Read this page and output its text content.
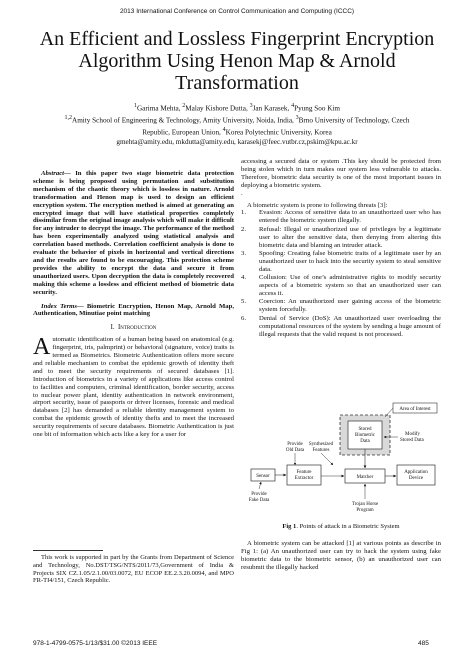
2013 International Conference on Control Communication and Computing (ICCC)
An Efficient and Lossless Fingerprint Encryption Algorithm Using Henon Map & Arnold Transformation
$^1$Garima Mehta, $^2$Malay Kishore Dutta, $^3$Jan Karasek, $^4$Pyung Soo Kim
$^{1,2}$Amity School of Engineering & Technology, Amity University, Noida, India, $^3$Brno University of Technology, Czech
Republic, European Union, $^4$Korea Polytechnic University, Korea
gmehta@amity.edu, mkdutta@amity.edu, karasekj@feec.vutbr.cz,pskim@kpu.ac.kr

Abstract— In this paper two stage biometric data protection scheme is being proposed using permutation and substitution mechanism of the chaotic theory which is lossless in nature. Arnold transformation and Henon map is used to design an efficient encryption system. The encryption method is aimed at generating an encrypted image that will have statistical properties completely dissimilar from the original image analysis which will make it difficult for any intruder to decrypt the image. The performance of the method has been experimentally analyzed using statistical analysis and correlation based methods. Correlation coefficient analysis is done to evaluate the behavior of pixels in horizontal and vertical directions and the results are found to be encouraging. This protection scheme provides the ability to encrypt the data and secure it from unauthorized users. Upon decryption the data is completely recovered making this scheme a lossless and efficient method of biometric data security.

Index Terms— Biometric Encryption, Henon Map, Arnold Map, Authentication, Minutiae point matching

I. Introduction

Automatic identification of a human being based on anatomical (e.g. fingerprint, iris, palmprint) or behavioral (signature, voice) traits is termed as Biometrics. Biometric Authentication offers more secure and reliable mechanism to combat the epidemic growth of identity theft and to meet the security requirements of secured databases [1]. Introduction of biometrics in a variety of applications like access control to facilities and computers, criminal identification, border security, access to nuclear power plant, identity authentication in network environment, airport security, issue of passports or driver licenses, forensic and medical databases [2] has demanded a reliable identity management system to combat the epidemic growth of identity thefts and to meet the increased security requirements of secure databases. Biometric Authentication is just one bit of information which acts like a key for a user for

This work is supported in part by the Grants from Department of Science and Technology, No.DST/TSG/NTS/2011/73,Government of India & Projects SIX CZ.1.05/2.1.00/03.0072, EU ECOP EE.2.3.20.0094, and MPO FR-TI4/151, Czech Republic.

accessing a secured data or system .This key should be protected from being stolen which in turn makes our system less vulnerable to attacks. Therefore, biometric data security is one of the most important issues in deploying a biometric system.

.

A biometric system is prone to following threats [3]:

1. Evasion: Access of sensitive data to an unauthorized user who has entered the biometric system illegally.

2. Refusal: Illegal or unauthorized use of privileges by a legitimate user to alter the sensitive data, then denying from altering this biometric data and blaming an intruder attack.

3. Spoofing: Creating false biometric traits of a legitimate user by an unauthorized user to hack into the security system to steal sensitive data.

4. Collusion: Use of one’s administrative rights to modify security aspects of a biometric system so that an unauthorized user can access it.

5. Coercion: An unauthorized user gaining access of the biometric system forcefully.

6. Denial of Service (DoS): An unauthorized user overloading the computational resources of the system by sending a huge amount of illegal requests that the valid request is not processed.

Area of Interest
Stored
Biometric
Data
Modify
Stored Data
Provide
Old Data
Synthesized
Features
Sensor
Feature
Extractor	Matcher
Application
Device
Provide
Fake Data
Trojan Horse
Program
Fig 1. Points of attack in a Biometric System
A biometric system can be attacked [1] at various points as describe in Fig 1: (a) An unauthorized user can try to hack the system using fake biometric data to the biometric sensor, (b) an unauthorized user can resubmit the illegally hacked
978-1-4799-0575-1/13/$31.00 ©2013 IEEE	485
